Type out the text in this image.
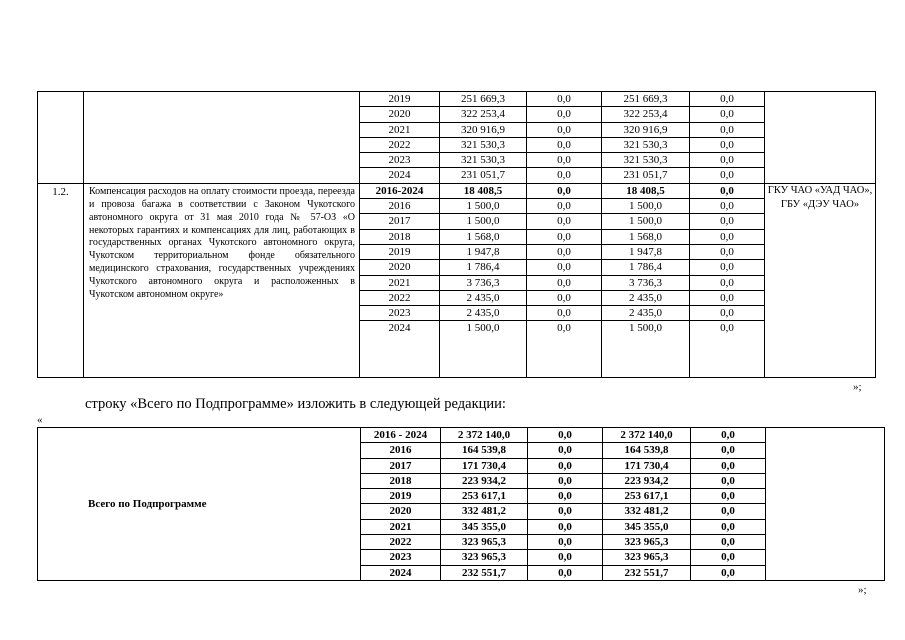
		2019	251 669,3	0,0	251 669,3	0,0	
		2020	322 253,4	0,0	322 253,4	0,0	
		2021	320 916,9	0,0	320 916,9	0,0	
		2022	321 530,3	0,0	321 530,3	0,0	
		2023	321 530,3	0,0	321 530,3	0,0	
		2024	231 051,7	0,0	231 051,7	0,0	
1.2.	Компенсация расходов на оплату стоимости проезда, переезда и провоза багажа в соответствии с Законом Чукотского автономного округа от 31 мая 2010 года № 57-ОЗ «О некоторых гарантиях и компенсациях для лиц, работающих в государственных органах Чукотского автономного округа, Чукотском территориальном фонде обязательного медицинского страхования, государственных учреждениях Чукотского автономного округа и расположенных в Чукотском автономном округе»	2016-2024	18 408,5	0,0	18 408,5	0,0	ГКУ ЧАО «УАД ЧАО», ГБУ «ДЭУ ЧАО»
		2016	1 500,0	0,0	1 500,0	0,0	
		2017	1 500,0	0,0	1 500,0	0,0	
		2018	1 568,0	0,0	1 568,0	0,0	
		2019	1 947,8	0,0	1 947,8	0,0	
		2020	1 786,4	0,0	1 786,4	0,0	
		2021	3 736,3	0,0	3 736,3	0,0	
		2022	2 435,0	0,0	2 435,0	0,0	
		2023	2 435,0	0,0	2 435,0	0,0	
		2024	1 500,0	0,0	1 500,0	0,0	
»;
строку «Всего по Подпрограмме» изложить в следующей редакции:
«
Всего по Подпрограмме	2016 - 2024	2 372 140,0	0,0	2 372 140,0	0,0	
	2016	164 539,8	0,0	164 539,8	0,0	
	2017	171 730,4	0,0	171 730,4	0,0	
	2018	223 934,2	0,0	223 934,2	0,0	
	2019	253 617,1	0,0	253 617,1	0,0	
	2020	332 481,2	0,0	332 481,2	0,0	
	2021	345 355,0	0,0	345 355,0	0,0	
	2022	323 965,3	0,0	323 965,3	0,0	
	2023	323 965,3	0,0	323 965,3	0,0	
	2024	232 551,7	0,0	232 551,7	0,0	
»;
